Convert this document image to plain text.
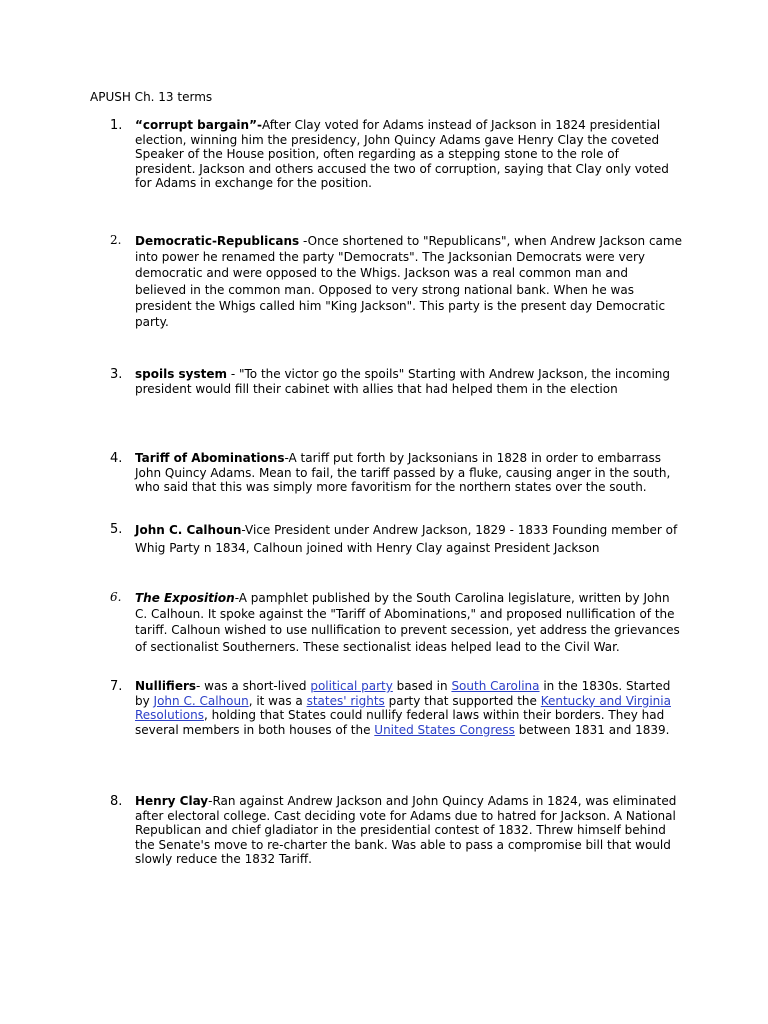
APUSH Ch. 13 terms
1.	“corrupt bargain”-After Clay voted for Adams instead of Jackson in 1824 presidential election, winning him the presidency, John Quincy Adams gave Henry Clay the coveted Speaker of the House position, often regarding as a stepping stone to the role of president. Jackson and others accused the two of corruption, saying that Clay only voted for Adams in exchange for the position.
2.	Democratic-Republicans -Once shortened to "Republicans", when Andrew Jackson came into power he renamed the party "Democrats". The Jacksonian Democrats were very democratic and were opposed to the Whigs. Jackson was a real common man and believed in the common man. Opposed to very strong national bank. When he was president the Whigs called him "King Jackson". This party is the present day Democratic party.
3.	spoils system - "To the victor go the spoils" Starting with Andrew Jackson, the incoming president would fill their cabinet with allies that had helped them in the election
4.	Tariff of Abominations-A tariff put forth by Jacksonians in 1828 in order to embarrass John Quincy Adams. Mean to fail, the tariff passed by a fluke, causing anger in the south, who said that this was simply more favoritism for the northern states over the south.
5.	John C. Calhoun-Vice President under Andrew Jackson, 1829 - 1833 Founding member of Whig Party n 1834, Calhoun joined with Henry Clay against President Jackson
6.	The Exposition-A pamphlet published by the South Carolina legislature, written by John C. Calhoun. It spoke against the "Tariff of Abominations," and proposed nullification of the tariff. Calhoun wished to use nullification to prevent secession, yet address the grievances of sectionalist Southerners. These sectionalist ideas helped lead to the Civil War.
7.	Nullifiers- was a short-lived political party based in South Carolina in the 1830s. Started by John C. Calhoun, it was a states' rights party that supported the Kentucky and Virginia Resolutions, holding that States could nullify federal laws within their borders. They had several members in both houses of the United States Congress between 1831 and 1839.
8.	Henry Clay-Ran against Andrew Jackson and John Quincy Adams in 1824, was eliminated after electoral college. Cast deciding vote for Adams due to hatred for Jackson. A National Republican and chief gladiator in the presidential contest of 1832. Threw himself behind the Senate's move to re-charter the bank. Was able to pass a compromise bill that would slowly reduce the 1832 Tariff.
